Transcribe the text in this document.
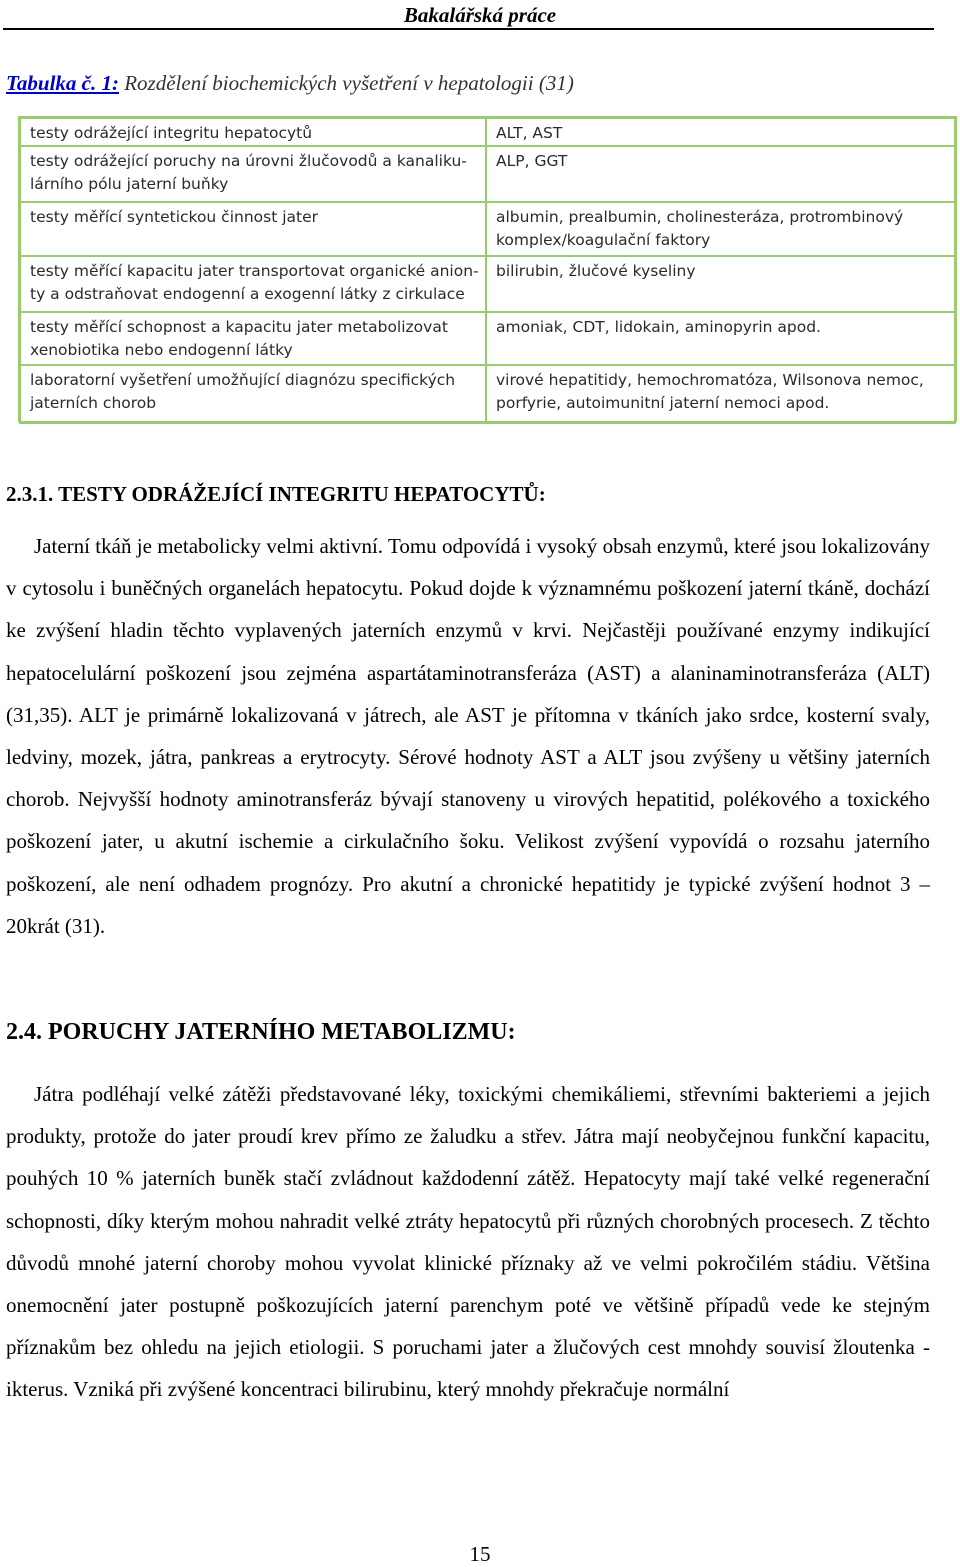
Bakalářská práce
Tabulka č. 1: Rozdělení biochemických vyšetření v hepatologii (31)
testy odrážející integritu hepatocytů	ALT, AST
testy odrážející poruchy na úrovni žlučovodů a kanaliku-lárního pólu jaterní buňky	ALP, GGT
testy měřící syntetickou činnost jater	albumin, prealbumin, cholinesteráza, protrombinový komplex/koagulační faktory
testy měřící kapacitu jater transportovat organické anion-ty a odstraňovat endogenní a exogenní látky z cirkulace	bilirubin, žlučové kyseliny
testy měřící schopnost a kapacitu jater metabolizovat xenobiotika nebo endogenní látky	amoniak, CDT, lidokain, aminopyrin apod.
laboratorní vyšetření umožňující diagnózu specifických jaterních chorob	virové hepatitidy, hemochromatóza, Wilsonova nemoc, porfyrie, autoimunitní jaterní nemoci apod.
2.3.1. TESTY ODRÁŽEJÍCÍ INTEGRITU HEPATOCYTŮ:
Jaterní tkáň je metabolicky velmi aktivní. Tomu odpovídá i vysoký obsah enzymů, které jsou lokalizovány v cytosolu i buněčných organelách hepatocytu. Pokud dojde k významnému poškození jaterní tkáně, dochází ke zvýšení hladin těchto vyplavených jaterních enzymů v krvi. Nejčastěji používané enzymy indikující hepatocelulární poškození jsou zejména aspartátaminotransferáza (AST) a alaninaminotransferáza (ALT) (31,35). ALT je primárně lokalizovaná v játrech, ale AST je přítomna v tkáních jako srdce, kosterní svaly, ledviny, mozek, játra, pankreas a erytrocyty. Sérové hodnoty AST a ALT jsou zvýšeny u většiny jaterních chorob. Nejvyšší hodnoty aminotransferáz bývají stanoveny u virových hepatitid, polékového a toxického poškození jater, u akutní ischemie a cirkulačního šoku. Velikost zvýšení vypovídá o rozsahu jaterního poškození, ale není odhadem prognózy. Pro akutní a chronické hepatitidy je typické zvýšení hodnot 3 – 20krát (31).
2.4. PORUCHY JATERNÍHO METABOLIZMU:
Játra podléhají velké zátěži představované léky, toxickými chemikáliemi, střevními bakteriemi a jejich produkty, protože do jater proudí krev přímo ze žaludku a střev. Játra mají neobyčejnou funkční kapacitu, pouhých 10 % jaterních buněk stačí zvládnout každodenní zátěž. Hepatocyty mají také velké regenerační schopnosti, díky kterým mohou nahradit velké ztráty hepatocytů při různých chorobných procesech. Z těchto důvodů mnohé jaterní choroby mohou vyvolat klinické příznaky až ve velmi pokročilém stádiu. Většina onemocnění jater postupně poškozujících jaterní parenchym poté ve většině případů vede ke stejným příznakům bez ohledu na jejich etiologii. S poruchami jater a žlučových cest mnohdy souvisí žloutenka - ikterus. Vzniká při zvýšené koncentraci bilirubinu, který mnohdy překračuje normální
15
